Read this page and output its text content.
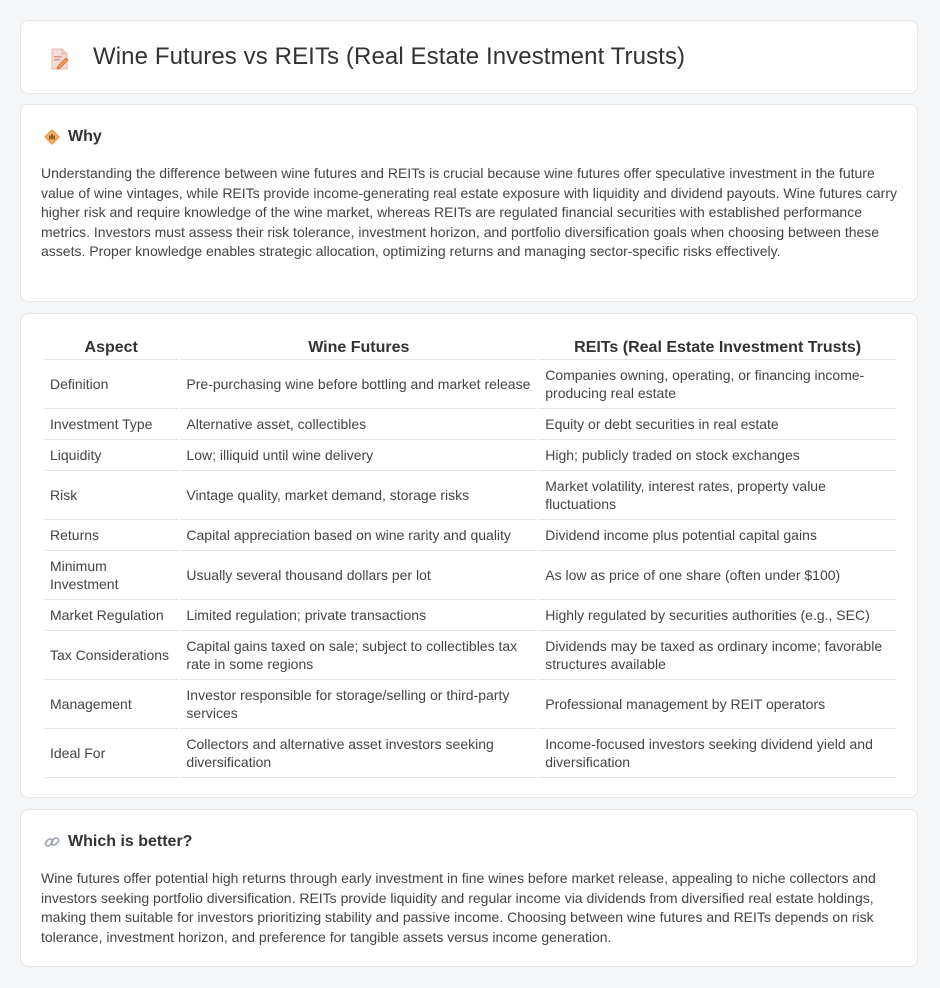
Wine Futures vs REITs (Real Estate Investment Trusts)
Why

Understanding the difference between wine futures and REITs is crucial because wine futures offer speculative investment in the future value of wine vintages, while REITs provide income-generating real estate exposure with liquidity and dividend payouts. Wine futures carry higher risk and require knowledge of the wine market, whereas REITs are regulated financial securities with established performance metrics. Investors must assess their risk tolerance, investment horizon, and portfolio diversification goals when choosing between these assets. Proper knowledge enables strategic allocation, optimizing returns and managing sector-specific risks effectively.

Aspect	Wine Futures	REITs (Real Estate Investment Trusts)
Definition	Pre-purchasing wine before bottling and market release	Companies owning, operating, or financing income-producing real estate
Investment Type	Alternative asset, collectibles	Equity or debt securities in real estate
Liquidity	Low; illiquid until wine delivery	High; publicly traded on stock exchanges
Risk	Vintage quality, market demand, storage risks	Market volatility, interest rates, property value fluctuations
Returns	Capital appreciation based on wine rarity and quality	Dividend income plus potential capital gains
Minimum Investment	Usually several thousand dollars per lot	As low as price of one share (often under $100)
Market Regulation	Limited regulation; private transactions	Highly regulated by securities authorities (e.g., SEC)
Tax Considerations	Capital gains taxed on sale; subject to collectibles tax rate in some regions	Dividends may be taxed as ordinary income; favorable structures available
Management	Investor responsible for storage/selling or third-party services	Professional management by REIT operators
Ideal For	Collectors and alternative asset investors seeking diversification	Income-focused investors seeking dividend yield and diversification
Which is better?

Wine futures offer potential high returns through early investment in fine wines before market release, appealing to niche collectors and investors seeking portfolio diversification. REITs provide liquidity and regular income via dividends from diversified real estate holdings, making them suitable for investors prioritizing stability and passive income. Choosing between wine futures and REITs depends on risk tolerance, investment horizon, and preference for tangible assets versus income generation.
